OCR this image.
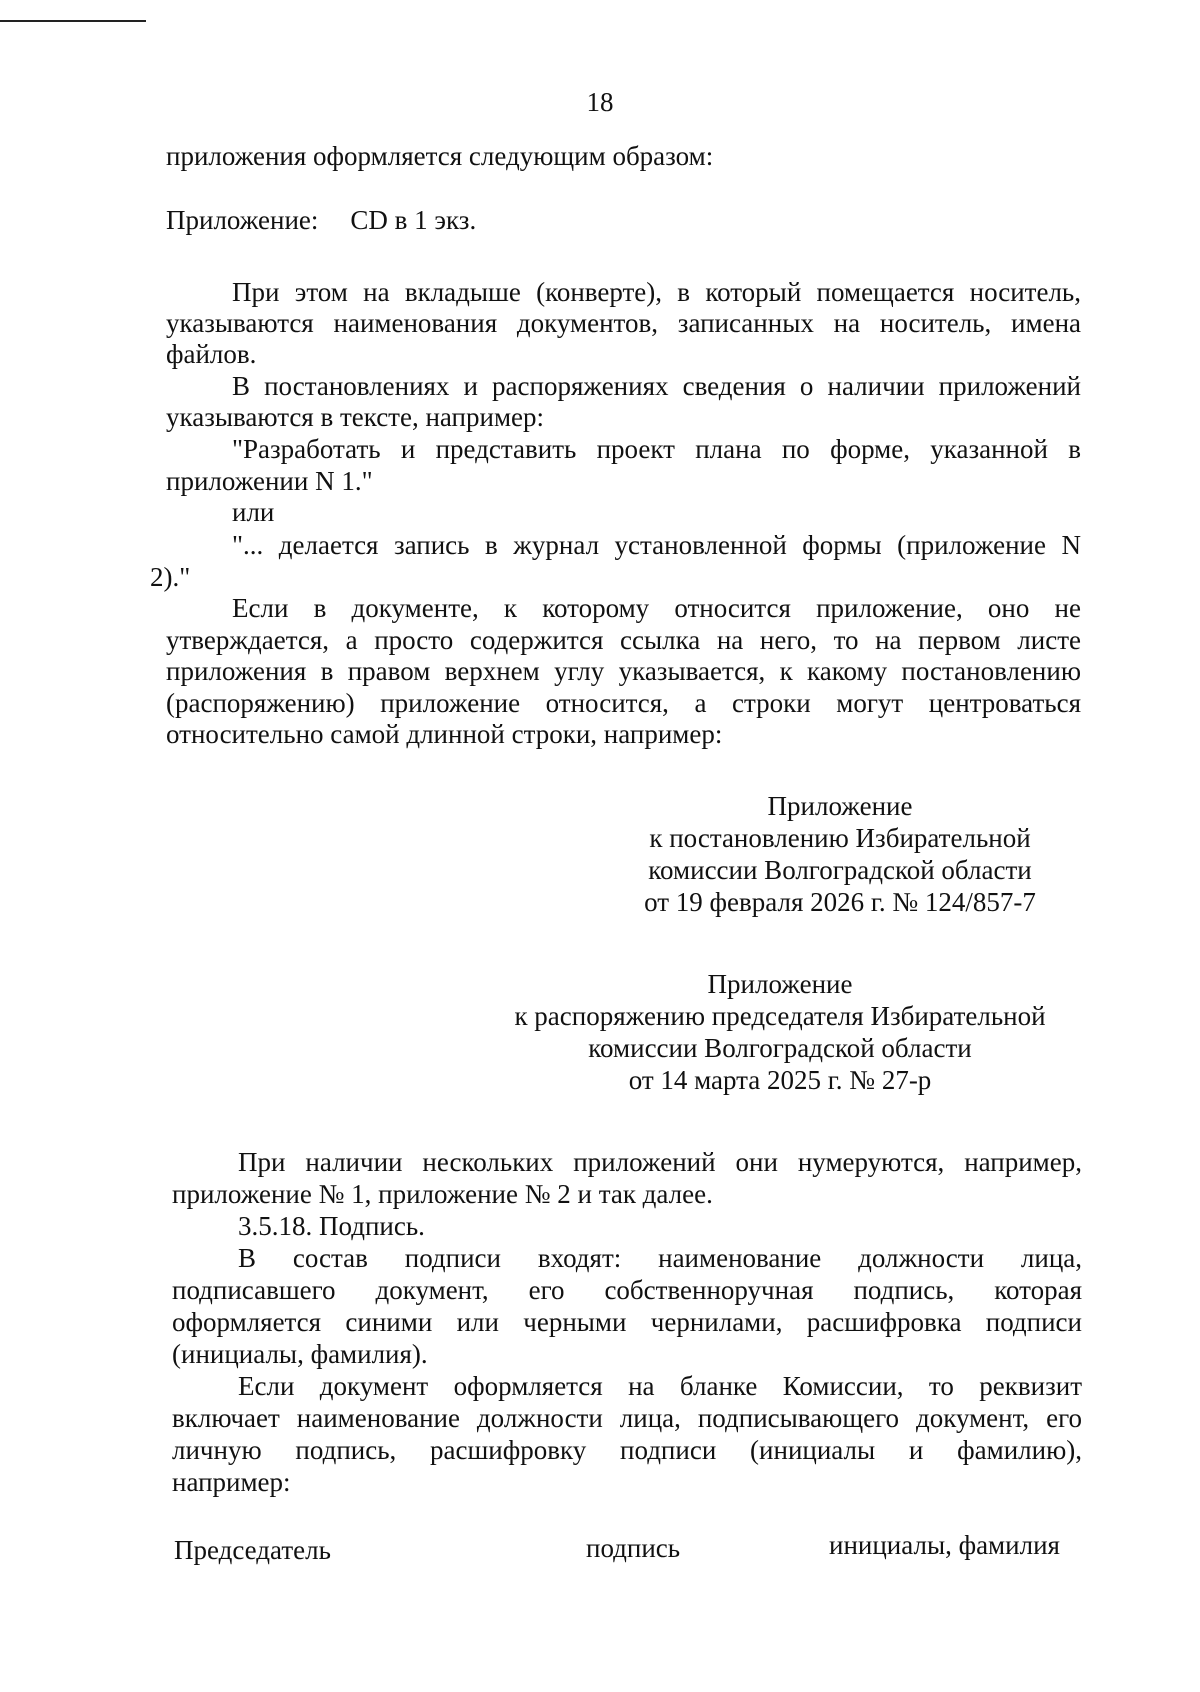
18
приложения оформляется следующим образом:
Приложение: CD в 1 экз.
При этом на вкладыше (конверте), в который помещается носитель,
указываются наименования документов, записанных на носитель, имена
файлов.
В постановлениях и распоряжениях сведения о наличии приложений
указываются в тексте, например:
"Разработать и представить проект плана по форме, указанной в
приложении N 1."
или
"... делается запись в журнал установленной формы (приложение N
2)."
Если в документе, к которому относится приложение, оно не
утверждается, а просто содержится ссылка на него, то на первом листе
приложения в правом верхнем углу указывается, к какому постановлению
(распоряжению) приложение относится, а строки могут центроваться
относительно самой длинной строки, например:
Приложение
к постановлению Избирательной
комиссии Волгоградской области
от 19 февраля 2026 г. № 124/857-7
Приложение
к распоряжению председателя Избирательной
комиссии Волгоградской области
от 14 марта 2025 г. № 27-р
При наличии нескольких приложений они нумеруются, например,
приложение № 1, приложение № 2 и так далее.
3.5.18. Подпись.
В состав подписи входят: наименование должности лица,
подписавшего документ, его собственноручная подпись, которая
оформляется синими или черными чернилами, расшифровка подписи
(инициалы, фамилия).
Если документ оформляется на бланке Комиссии, то реквизит
включает наименование должности лица, подписывающего документ, его
личную подпись, расшифровку подписи (инициалы и фамилию),
например:
Председатель	подпись	инициалы, фамилия
